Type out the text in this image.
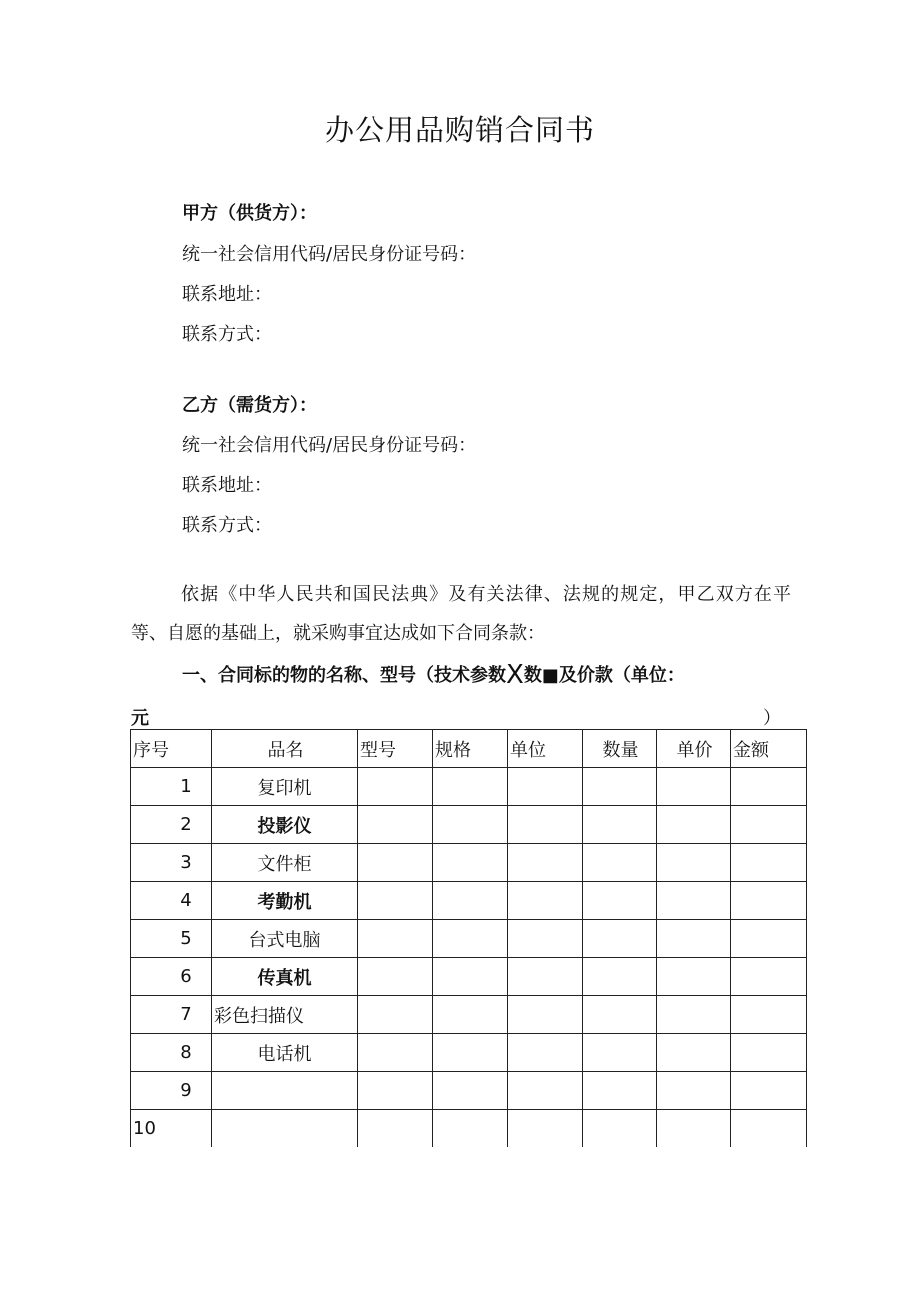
办公用品购销合同书
甲方（供货方）：
统一社会信用代码/居民身份证号码：
联系地址：
联系方式：
乙方（需货方）：
统一社会信用代码/居民身份证号码：
联系地址：
联系方式：
依据《中华人民共和国民法典》及有关法律、法规的规定，甲乙双方在平等、自愿的基础上，就采购事宜达成如下合同条款：
一、合同标的物的名称、型号（技术参数X数■及价款（单位：
元	）
序号	品名	型号	规格	单位	数量	单价	金额
1	复印机						
2	投影仪						
3	文件柜						
4	考勤机						
5	台式电脑						
6	传真机						
7	彩色扫描仪						
8	电话机						
9							
10							
